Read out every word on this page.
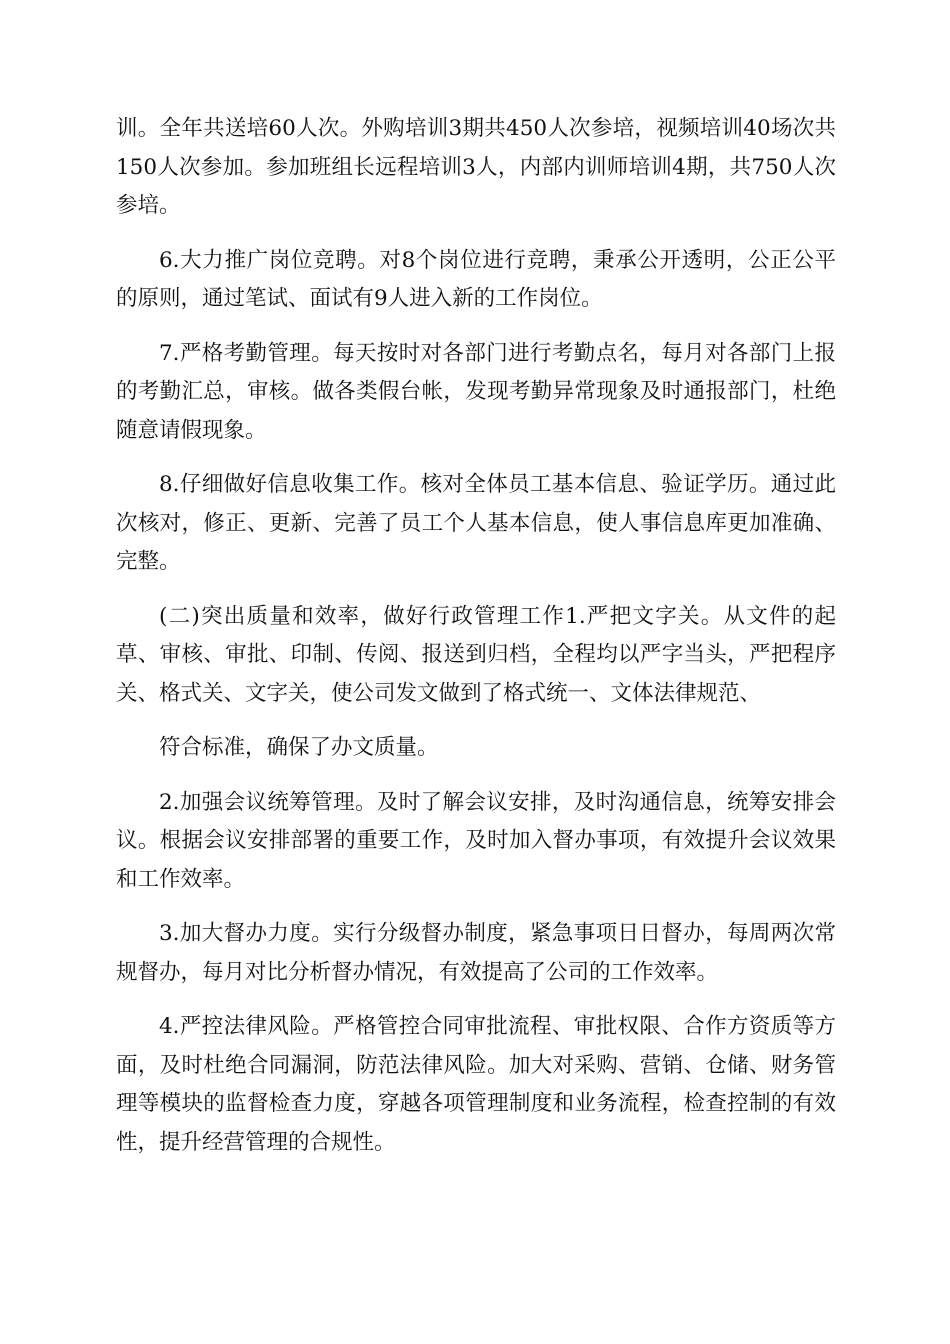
训。全年共送培60人次。外购培训3期共450人次参培，视频培训40场次共150人次参加。参加班组长远程培训3人，内部内训师培训4期，共750人次参培。

6.大力推广岗位竞聘。对8个岗位进行竞聘，秉承公开透明，公正公平的原则，通过笔试、面试有9人进入新的工作岗位。

7.严格考勤管理。每天按时对各部门进行考勤点名，每月对各部门上报的考勤汇总，审核。做各类假台帐，发现考勤异常现象及时通报部门，杜绝随意请假现象。

8.仔细做好信息收集工作。核对全体员工基本信息、验证学历。通过此次核对，修正、更新、完善了员工个人基本信息，使人事信息库更加准确、完整。

(二)突出质量和效率，做好行政管理工作1.严把文字关。从文件的起草、审核、审批、印制、传阅、报送到归档，全程均以严字当头，严把程序关、格式关、文字关，使公司发文做到了格式统一、文体法律规范、

符合标准，确保了办文质量。

2.加强会议统筹管理。及时了解会议安排，及时沟通信息，统筹安排会议。根据会议安排部署的重要工作，及时加入督办事项，有效提升会议效果和工作效率。

3.加大督办力度。实行分级督办制度，紧急事项日日督办，每周两次常规督办，每月对比分析督办情况，有效提高了公司的工作效率。

4.严控法律风险。严格管控合同审批流程、审批权限、合作方资质等方面，及时杜绝合同漏洞，防范法律风险。加大对采购、营销、仓储、财务管理等模块的监督检查力度，穿越各项管理制度和业务流程，检查控制的有效性，提升经营管理的合规性。
